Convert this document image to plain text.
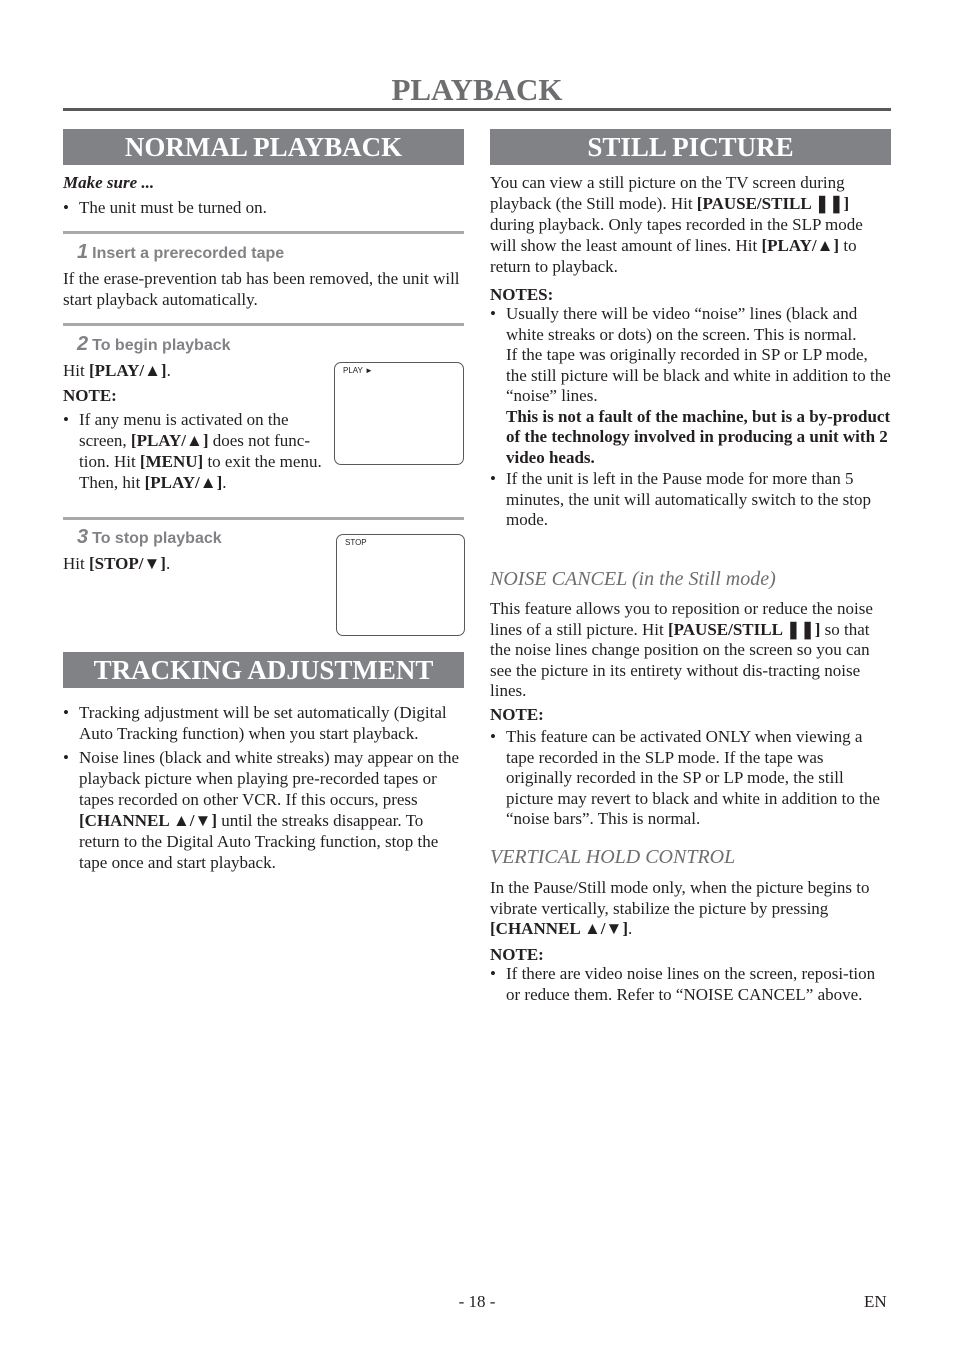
PLAYBACK
NORMAL PLAYBACK
Make sure ...
• The unit must be turned on.
1 Insert a prerecorded tape
If the erase-prevention tab has been removed, the unit will start playback automatically.
2 To begin playback
Hit [PLAY/▲].
NOTE:
• If any menu is activated on the screen, [PLAY/▲] does not func-tion. Hit [MENU] to exit the menu. Then, hit [PLAY/▲].
PLAY ►
3 To stop playback
Hit [STOP/▼].
STOP
TRACKING ADJUSTMENT
• Tracking adjustment will be set automatically (Digital Auto Tracking function) when you start playback.
• Noise lines (black and white streaks) may appear on the playback picture when playing pre-recorded tapes or tapes recorded on other VCR. If this occurs, press [CHANNEL ▲/▼] until the streaks disappear. To return to the Digital Auto Tracking function, stop the tape once and start playback.
STILL PICTURE
You can view a still picture on the TV screen during playback (the Still mode). Hit [PAUSE/STILL ❚❚] during playback. Only tapes recorded in the SLP mode will show the least amount of lines. Hit [PLAY/▲] to return to playback.
NOTES:
• Usually there will be video “noise” lines (black and white streaks or dots) on the screen. This is normal.
If the tape was originally recorded in SP or LP mode, the still picture will be black and white in addition to the “noise” lines.
This is not a fault of the machine, but is a by-product of the technology involved in producing a unit with 2 video heads.
• If the unit is left in the Pause mode for more than 5 minutes, the unit will automatically switch to the stop mode.
NOISE CANCEL (in the Still mode)
This feature allows you to reposition or reduce the noise lines of a still picture. Hit [PAUSE/STILL ❚❚] so that the noise lines change position on the screen so you can see the picture in its entirety without dis-tracting noise lines.
NOTE:
• This feature can be activated ONLY when viewing a tape recorded in the SLP mode. If the tape was originally recorded in the SP or LP mode, the still picture may revert to black and white in addition to the “noise bars”. This is normal.
VERTICAL HOLD CONTROL
In the Pause/Still mode only, when the picture begins to vibrate vertically, stabilize the picture by pressing [CHANNEL ▲/▼].
NOTE:
• If there are video noise lines on the screen, reposi-tion or reduce them. Refer to “NOISE CANCEL” above.
- 18 -	EN
